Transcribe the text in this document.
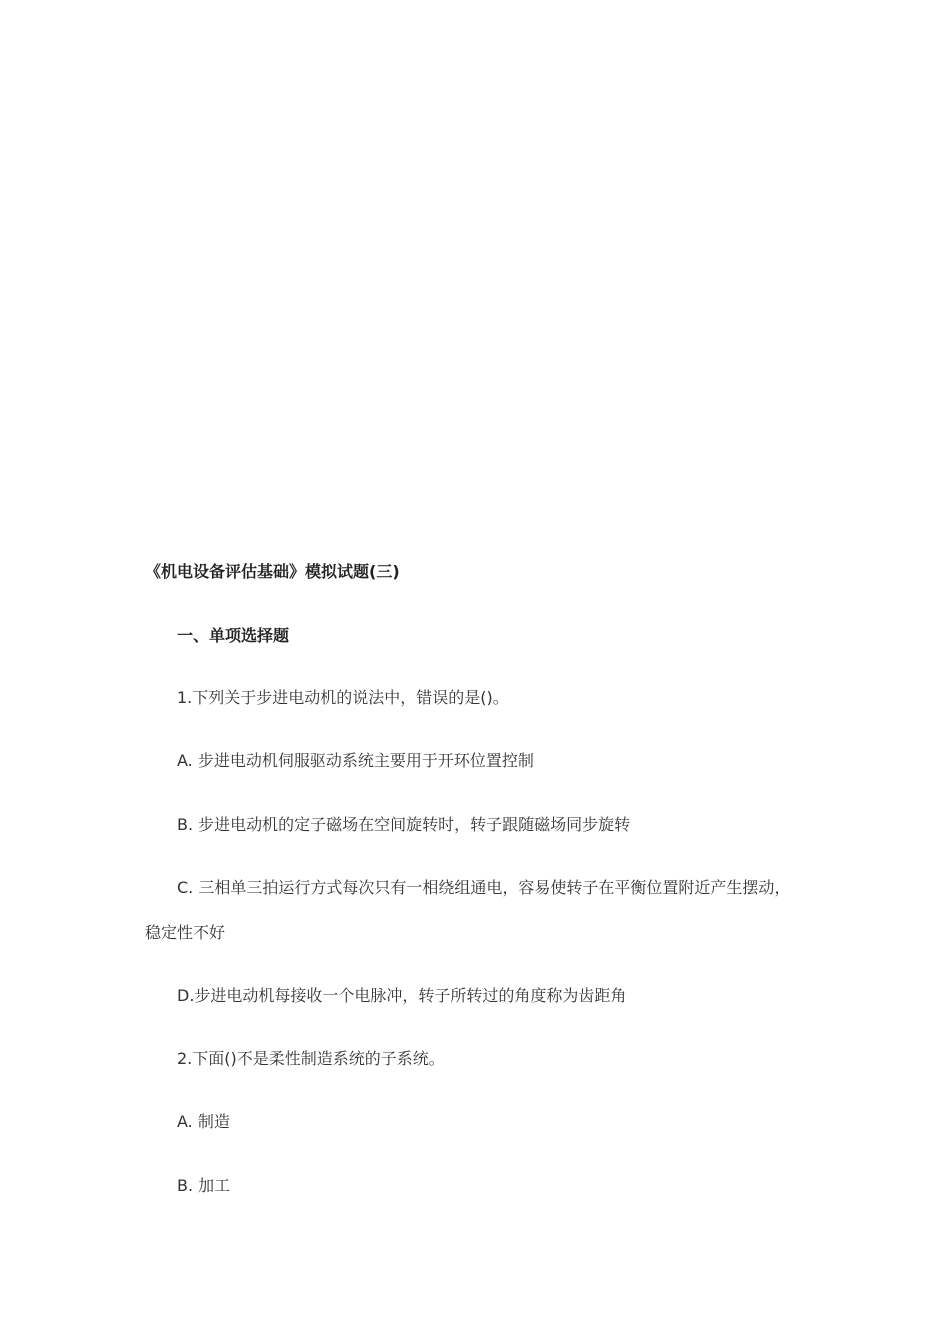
《机电设备评估基础》模拟试题(三)
一、单项选择题
1.下列关于步进电动机的说法中，错误的是()。
A. 步进电动机伺服驱动系统主要用于开环位置控制
B. 步进电动机的定子磁场在空间旋转时，转子跟随磁场同步旋转
C. 三相单三拍运行方式每次只有一相绕组通电，容易使转子在平衡位置附近产生摆动，
稳定性不好
D.步进电动机每接收一个电脉冲，转子所转过的角度称为齿距角
2.下面()不是柔性制造系统的子系统。
A. 制造
B. 加工
